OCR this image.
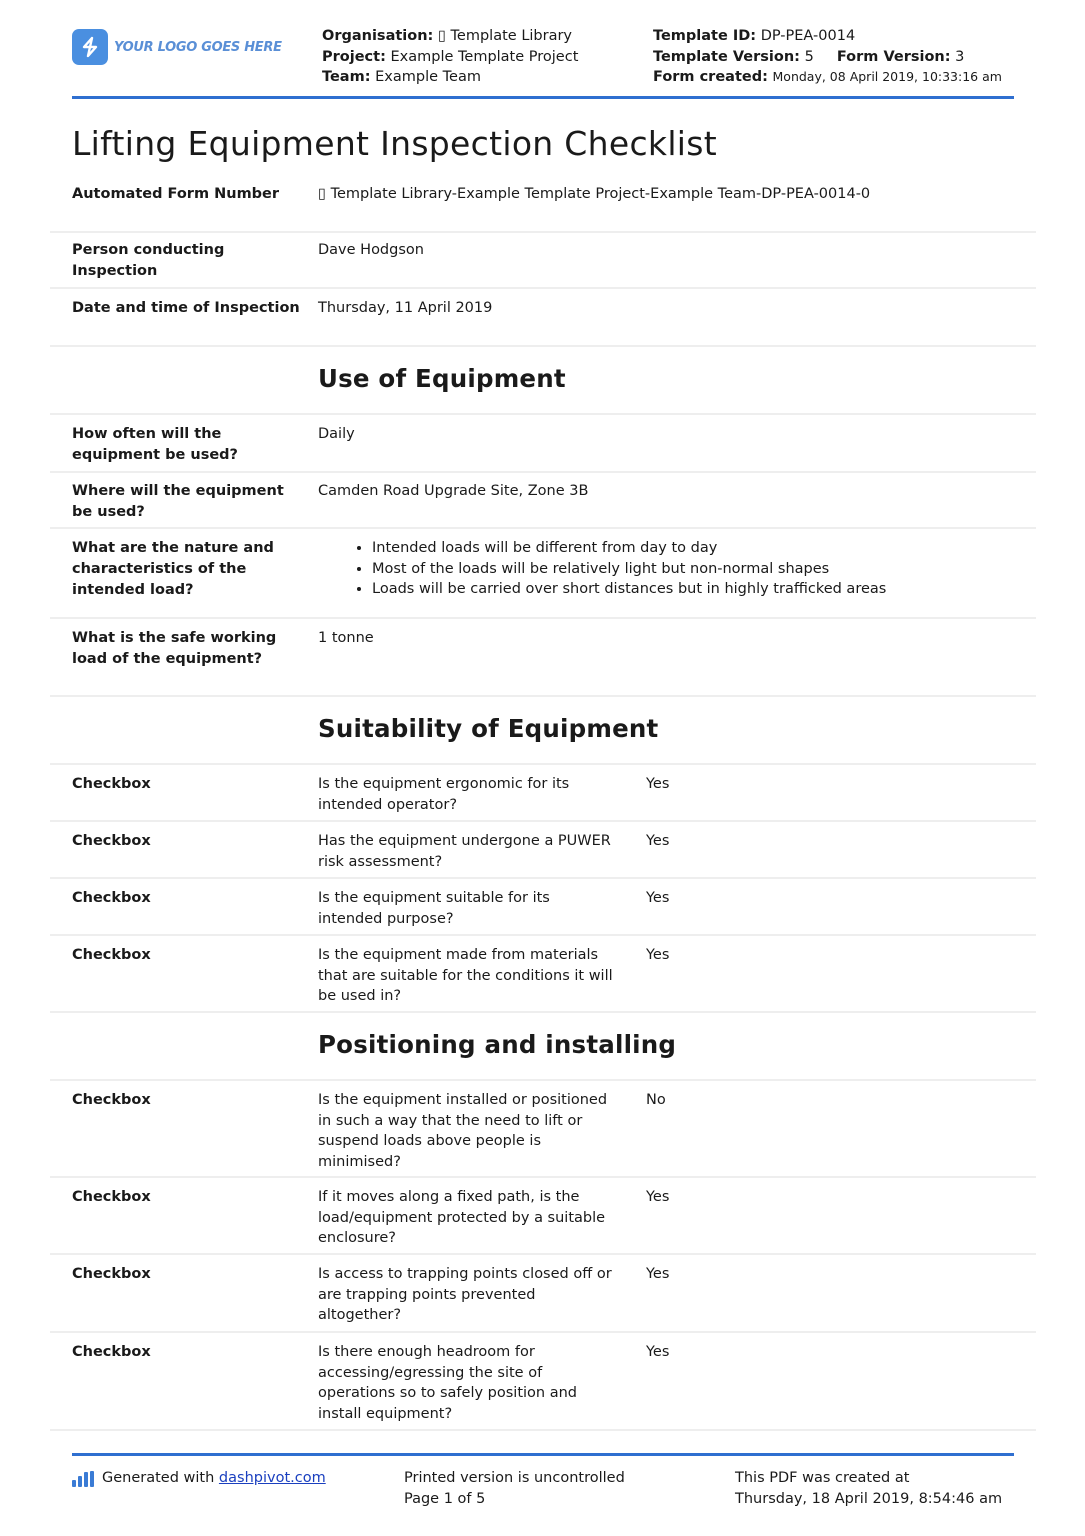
YOUR LOGO GOES HERE
Organisation: ▯ Template Library
Project: Example Template Project
Team: Example Team
Template ID: DP-PEA-0014
Template Version: 5 Form Version: 3
Form created: Monday, 08 April 2019, 10:33:16 am
Lifting Equipment Inspection Checklist
Automated Form Number	▯ Template Library-Example Template Project-Example Team-DP-PEA-0014-0
Person conducting Inspection
Dave Hodgson
Date and time of Inspection Thursday, 11 April 2019
Use of Equipment
How often will the equipment be used?
Daily
Where will the equipment be used?
Camden Road Upgrade Site, Zone 3B
What are the nature and characteristics of the intended load?
• Intended loads will be different from day to day
• Most of the loads will be relatively light but non-normal shapes
• Loads will be carried over short distances but in highly trafficked areas
What is the safe working load of the equipment?
1 tonne
Suitability of Equipment
Checkbox	Is the equipment ergonomic for its intended operator?
Yes
Checkbox	Has the equipment undergone a PUWER risk assessment?
Yes
Checkbox	Is the equipment suitable for its intended purpose?
Yes
Checkbox	Is the equipment made from materials that are suitable for the conditions it will be used in?
Yes
Positioning and installing
Checkbox	Is the equipment installed or positioned in such a way that the need to lift or suspend loads above people is minimised?
No
Checkbox	If it moves along a fixed path, is the load/equipment protected by a suitable enclosure?
Yes
Checkbox	Is access to trapping points closed off or are trapping points prevented altogether?
Yes
Checkbox	Is there enough headroom for accessing/egressing the site of operations so to safely position and install equipment?
Yes
Generated with
dashpivot.com	Printed version is uncontrolled
Page 1 of 5
This PDF was created at
Thursday, 18 April 2019, 8:54:46 am
